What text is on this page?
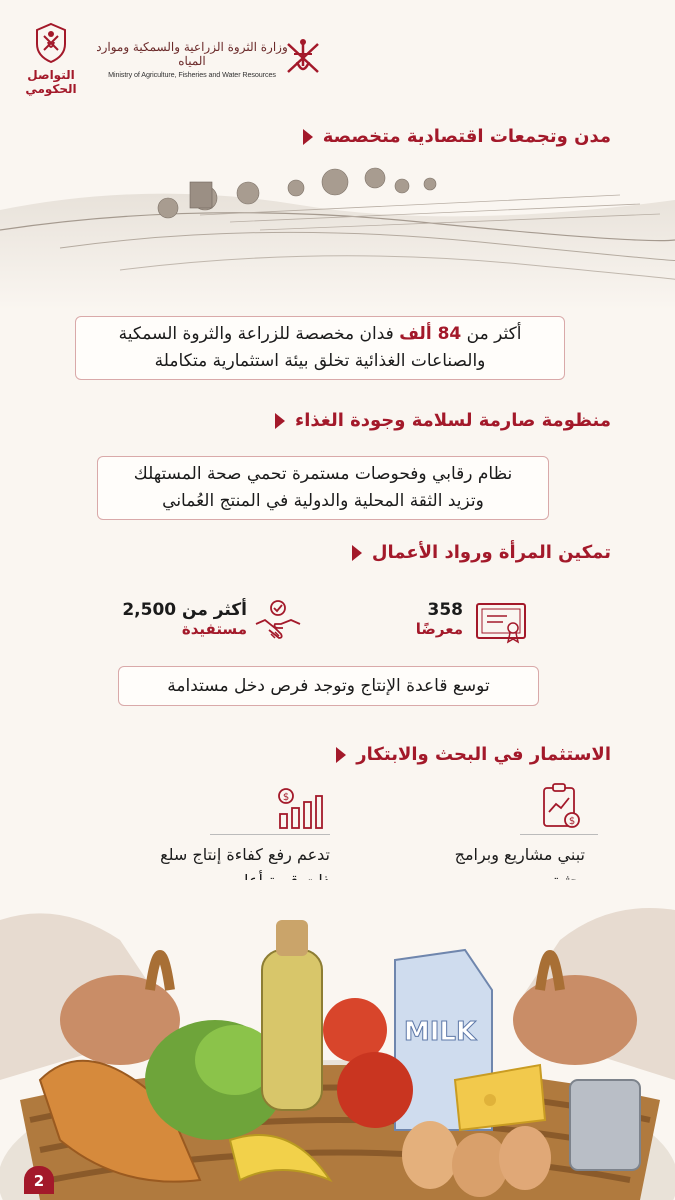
التواصل الحكومي
وزارة الثروة الزراعية والسمكية وموارد المياه
Ministry of Agriculture, Fisheries and Water Resources
مدن وتجمعات اقتصادية متخصصة
أكثر من 84 ألف فدان مخصصة للزراعة والثروة السمكية
والصناعات الغذائية تخلق بيئة استثمارية متكاملة
منظومة صارمة لسلامة وجودة الغذاء
نظام رقابي وفحوصات مستمرة تحمي صحة المستهلك
وتزيد الثقة المحلية والدولية في المنتج العُماني
تمكين المرأة ورواد الأعمال
358
معرضًا
أكثر من 2,500
مستفيدة
توسع قاعدة الإنتاج وتوجد فرص دخل مستدامة
الاستثمار في البحث والابتكار
$
تبني مشاريع وبرامج
$
تدعم رفع كفاءة إنتاج سلع
MILK
2
